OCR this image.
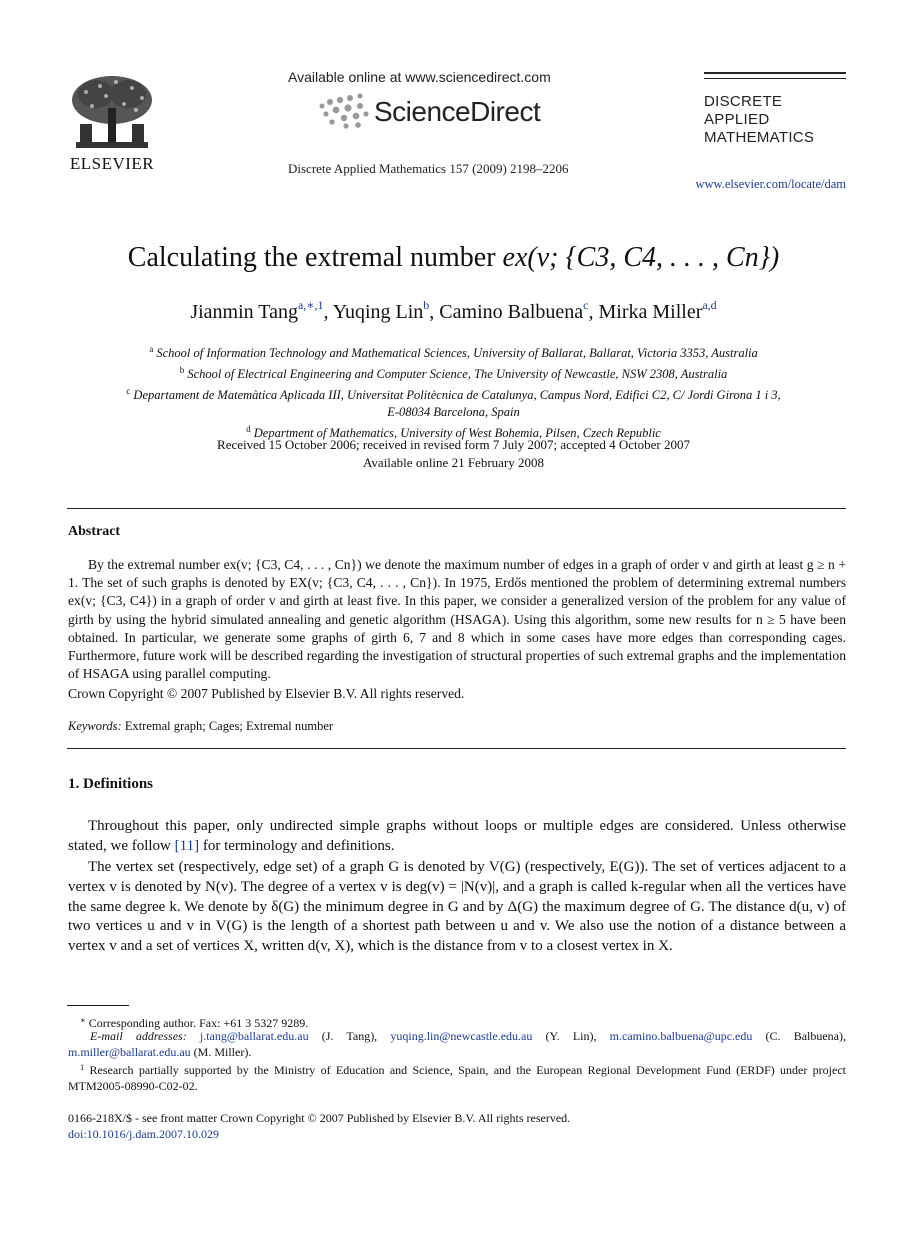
ELSEVIER
Available online at www.sciencedirect.com
ScienceDirect
Discrete Applied Mathematics 157 (2009) 2198–2206
DISCRETE
APPLIED
MATHEMATICS
www.elsevier.com/locate/dam
Calculating the extremal number ex(v; {C3, C4, . . . , Cn})
Jianmin Tang$^{a,∗,1}$, Yuqing Lin$^b$, Camino Balbuena$^c$, Mirka Miller$^{a,d}$
$^a$ School of Information Technology and Mathematical Sciences, University of Ballarat, Ballarat, Victoria 3353, Australia
$^b$ School of Electrical Engineering and Computer Science, The University of Newcastle, NSW 2308, Australia
$^c$ Departament de Matemàtica Aplicada III, Universitat Politècnica de Catalunya, Campus Nord, Edifici C2, C/ Jordi Girona 1 i 3,
E-08034 Barcelona, Spain
$^d$ Department of Mathematics, University of West Bohemia, Pilsen, Czech Republic
Received 15 October 2006; received in revised form 7 July 2007; accepted 4 October 2007
Available online 21 February 2008
Abstract
By the extremal number ex(v; {C3, C4, . . . , Cn}) we denote the maximum number of edges in a graph of order v and girth at least g ≥ n + 1. The set of such graphs is denoted by EX(v; {C3, C4, . . . , Cn}). In 1975, Erdős mentioned the problem of determining extremal numbers ex(v; {C3, C4}) in a graph of order v and girth at least five. In this paper, we consider a generalized version of the problem for any value of girth by using the hybrid simulated annealing and genetic algorithm (HSAGA). Using this algorithm, some new results for n ≥ 5 have been obtained. In particular, we generate some graphs of girth 6, 7 and 8 which in some cases have more edges than corresponding cages. Furthermore, future work will be described regarding the investigation of structural properties of such extremal graphs and the implementation of HSAGA using parallel computing.
Crown Copyright © 2007 Published by Elsevier B.V. All rights reserved.
Keywords: Extremal graph; Cages; Extremal number
1. Definitions
Throughout this paper, only undirected simple graphs without loops or multiple edges are considered. Unless otherwise stated, we follow [11] for terminology and definitions.
The vertex set (respectively, edge set) of a graph G is denoted by V(G) (respectively, E(G)). The set of vertices adjacent to a vertex v is denoted by N(v). The degree of a vertex v is deg(v) = |N(v)|, and a graph is called k-regular when all the vertices have the same degree k. We denote by δ(G) the minimum degree in G and by Δ(G) the maximum degree of G. The distance d(u, v) of two vertices u and v in V(G) is the length of a shortest path between u and v. We also use the notion of a distance between a vertex v and a set of vertices X, written d(v, X), which is the distance from v to a closest vertex in X.
∗ Corresponding author. Fax: +61 3 5327 9289.
E-mail addresses: j.tang@ballarat.edu.au (J. Tang), yuqing.lin@newcastle.edu.au (Y. Lin), m.camino.balbuena@upc.edu (C. Balbuena), m.miller@ballarat.edu.au (M. Miller).
$^1$ Research partially supported by the Ministry of Education and Science, Spain, and the European Regional Development Fund (ERDF) under project MTM2005-08990-C02-02.
0166-218X/$ - see front matter Crown Copyright © 2007 Published by Elsevier B.V. All rights reserved.
doi:10.1016/j.dam.2007.10.029
